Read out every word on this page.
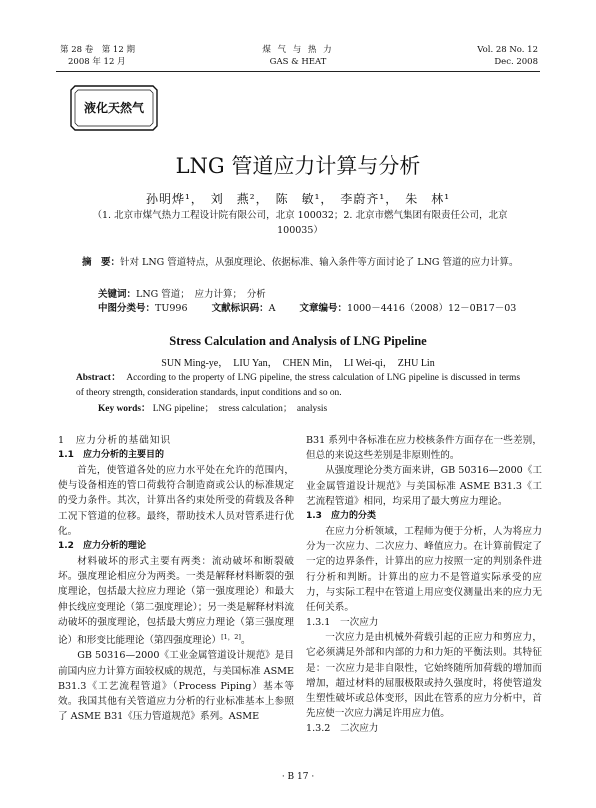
第 28 卷　第 12 期
2008 年 12 月
煤 气 与 热 力
GAS & HEAT
Vol. 28 No. 12
Dec. 2008
液化天然气
LNG 管道应力计算与分析
孙明烨¹，　刘　燕²，　陈　敏¹，　李蔚齐¹，　朱　林¹
（1. 北京市煤气热力工程设计院有限公司，北京 100032；2. 北京市燃气集团有限责任公司，北京 100035）
摘　要：针对 LNG 管道特点，从强度理论、依据标准、输入条件等方面讨论了 LNG 管道的应力计算。
关键词：LNG 管道；　应力计算；　分析
中图分类号：TU996	文献标识码：A	文章编号：1000－4416（2008）12－0B17－03
Stress Calculation and Analysis of LNG Pipeline
SUN Ming-ye，　LIU Yan，　CHEN Min，　LI Wei-qi，　ZHU Lin
Abstract： According to the property of LNG pipeline, the stress calculation of LNG pipeline is discussed in terms of theory strength, consideration standards, input conditions and so on.
Key words： LNG pipeline；　stress calculation；　analysis
1　应力分析的基础知识
1.1　应力分析的主要目的

首先，使管道各处的应力水平处在允许的范围内，使与设备相连的管口荷载符合制造商或公认的标准规定的受力条件。其次，计算出各约束处所受的荷载及各种工况下管道的位移。最终，帮助技术人员对管系进行优化。

1.2　应力分析的理论

材料破坏的形式主要有两类：流动破坏和断裂破坏。强度理论相应分为两类。一类是解释材料断裂的强度理论，包括最大拉应力理论（第一强度理论）和最大伸长线应变理论（第二强度理论）；另一类是解释材料流动破坏的强度理论，包括最大剪应力理论（第三强度理论）和形变比能理论（第四强度理论）[1，2]。

GB 50316—2000《工业金属管道设计规范》是目前国内应力计算方面较权威的规范，与美国标准 ASME B31.3《工艺流程管道》（Process Piping）基本等效。我国其他有关管道应力分析的行业标准基本上参照了 ASME B31《压力管道规范》系列。ASME

B31 系列中各标准在应力校核条件方面存在一些差别，但总的来说这些差别是非原则性的。

从强度理论分类方面来讲，GB 50316—2000《工业金属管道设计规范》与美国标准 ASME B31.3《工艺流程管道》相同，均采用了最大剪应力理论。

1.3　应力的分类

在应力分析领域，工程师为便于分析，人为将应力分为一次应力、二次应力、峰值应力。在计算前假定了一定的边界条件，计算出的应力按照一定的判别条件进行分析和判断。计算出的应力不是管道实际承受的应力，与实际工程中在管道上用应变仪测量出来的应力无任何关系。

1.3.1　一次应力

一次应力是由机械外荷载引起的正应力和剪应力，它必须满足外部和内部的力和力矩的平衡法则。其特征是：一次应力是非自限性，它始终随所加荷载的增加而增加，超过材料的屈服极限或持久强度时，将使管道发生塑性破坏或总体变形，因此在管系的应力分析中，首先应使一次应力满足许用应力值。

1.3.2　二次应力
· B 17 ·
